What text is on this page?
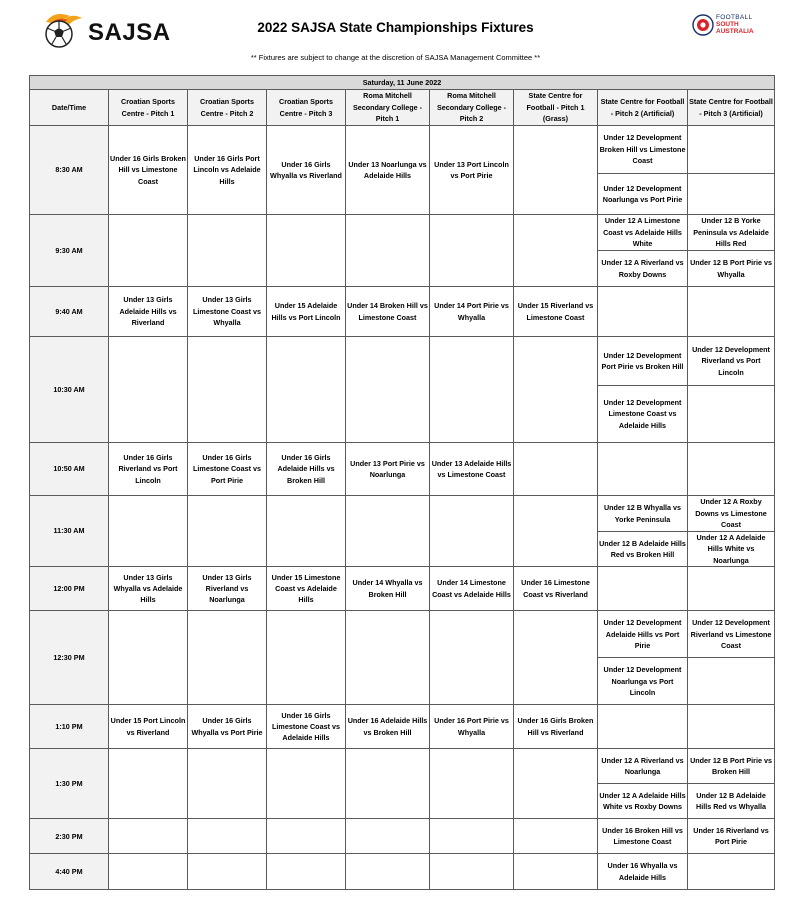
SAJSA	2022 SAJSA State Championships Fixtures
** Fixtures are subject to change at the discretion of SAJSA Management Committee **
FOOTBALL
SOUTH
AUSTRALIA
Saturday, 11 June 2022								
Date/Time	Croatian Sports Centre - Pitch 1	Croatian Sports Centre - Pitch 2	Croatian Sports Centre - Pitch 3	Roma Mitchell Secondary College - Pitch 1	Roma Mitchell Secondary College - Pitch 2	State Centre for Football - Pitch 1 (Grass)	State Centre for Football - Pitch 2 (Artificial)	State Centre for Football - Pitch 3 (Artificial)
8:30 AM	Under 16 Girls Broken Hill vs Limestone Coast	Under 16 Girls Port Lincoln vs Adelaide Hills	Under 16 Girls Whyalla vs Riverland	Under 13 Noarlunga vs Adelaide Hills	Under 13 Port Lincoln vs Port Pirie		Under 12 Development Broken Hill vs Limestone Coast	
							Under 12 Development Noarlunga vs Port Pirie	
9:30 AM							Under 12 A Limestone Coast vs Adelaide Hills White	Under 12 B Yorke Peninsula vs Adelaide Hills Red
							Under 12 A Riverland vs Roxby Downs	Under 12 B Port Pirie vs Whyalla
9:40 AM	Under 13 Girls Adelaide Hills vs Riverland	Under 13 Girls Limestone Coast vs Whyalla	Under 15 Adelaide Hills vs Port Lincoln	Under 14 Broken Hill vs Limestone Coast	Under 14 Port Pirie vs Whyalla	Under 15 Riverland vs Limestone Coast		
10:30 AM							Under 12 Development Port Pirie vs Broken Hill	Under 12 Development Riverland vs Port Lincoln
							Under 12 Development Limestone Coast vs Adelaide Hills	
10:50 AM	Under 16 Girls Riverland vs Port Lincoln	Under 16 Girls Limestone Coast vs Port Pirie	Under 16 Girls Adelaide Hills vs Broken Hill	Under 13 Port Pirie vs Noarlunga	Under 13 Adelaide Hills vs Limestone Coast			
11:30 AM							Under 12 B Whyalla vs Yorke Peninsula	Under 12 A Roxby Downs vs Limestone Coast
							Under 12 B Adelaide Hills Red vs Broken Hill	Under 12 A Adelaide Hills White vs Noarlunga
12:00 PM	Under 13 Girls Whyalla vs Adelaide Hills	Under 13 Girls Riverland vs Noarlunga	Under 15 Limestone Coast vs Adelaide Hills	Under 14 Whyalla vs Broken Hill	Under 14 Limestone Coast vs Adelaide Hills	Under 16 Limestone Coast vs Riverland		
12:30 PM							Under 12 Development Adelaide Hills vs Port Pirie	Under 12 Development Riverland vs Limestone Coast
							Under 12 Development Noarlunga vs Port Lincoln	
1:10 PM	Under 15 Port Lincoln vs Riverland	Under 16 Girls Whyalla vs Port Pirie	Under 16 Girls Limestone Coast vs Adelaide Hills	Under 16 Adelaide Hills vs Broken Hill	Under 16 Port Pirie vs Whyalla	Under 16 Girls Broken Hill vs Riverland		
1:30 PM							Under 12 A Riverland vs Noarlunga	Under 12 B Port Pirie vs Broken Hill
							Under 12 A Adelaide Hills White vs Roxby Downs	Under 12 B Adelaide Hills Red vs Whyalla
2:30 PM							Under 16 Broken Hill vs Limestone Coast	Under 16 Riverland vs Port Pirie
4:40 PM							Under 16 Whyalla vs Adelaide Hills	
